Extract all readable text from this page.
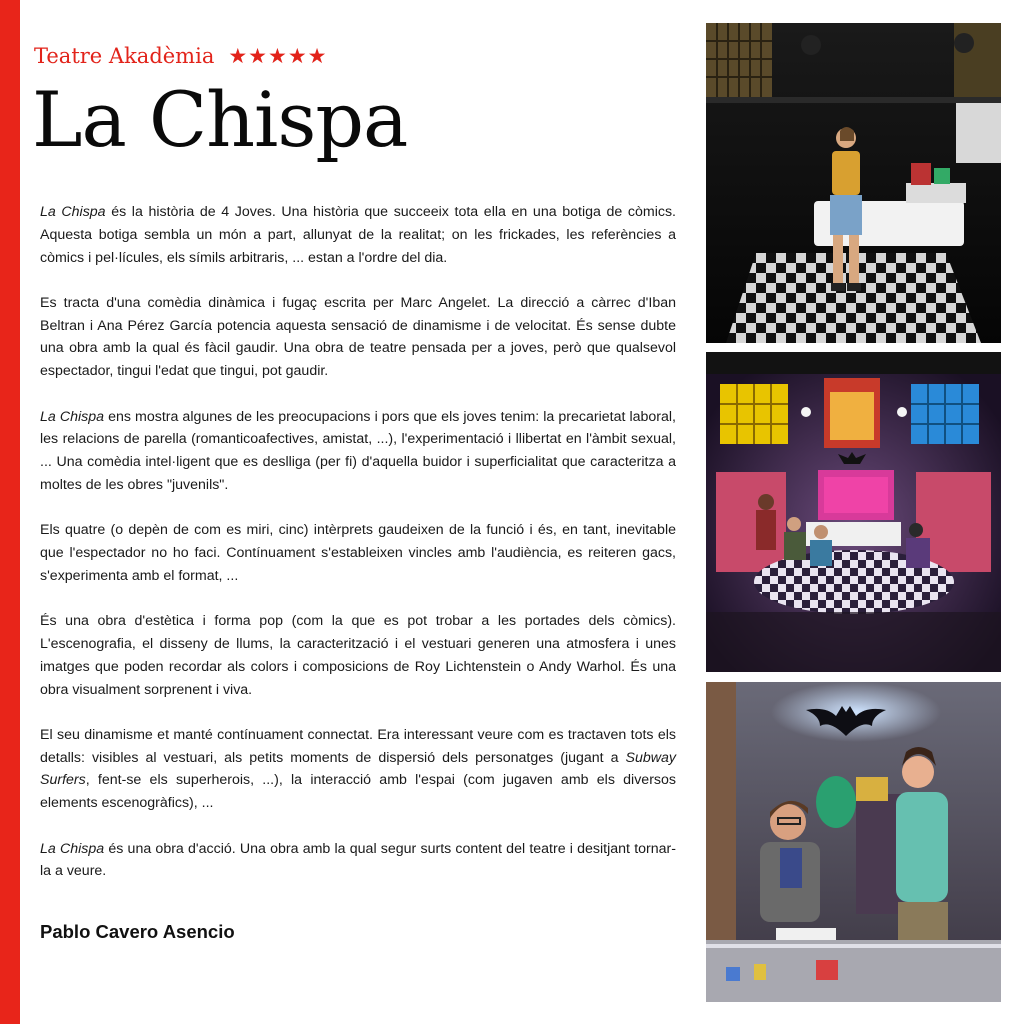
Teatre Akadèmia ★★★★★
La Chispa

La Chispa és la història de 4 Joves. Una història que succeeix tota ella en una botiga de còmics. Aquesta botiga sembla un món a part, allunyat de la realitat; on les frickades, les referències a còmics i pel·lícules, els símils arbitraris, ... estan a l'ordre del dia.

Es tracta d'una comèdia dinàmica i fugaç escrita per Marc Angelet. La direcció a càrrec d'Iban Beltran i Ana Pérez García potencia aquesta sensació de dinamisme i de velocitat. És sense dubte una obra amb la qual és fàcil gaudir. Una obra de teatre pensada per a joves, però que qualsevol espectador, tingui l'edat que tingui, pot gaudir.

La Chispa ens mostra algunes de les preocupacions i pors que els joves tenim: la precarietat laboral, les relacions de parella (romanticoafectives, amistat, ...), l'experimentació i llibertat en l'àmbit sexual, ... Una comèdia intel·ligent que es deslliga (per fi) d'aquella buidor i superficialitat que caracteritza a moltes de les obres "juvenils".

Els quatre (o depèn de com es miri, cinc) intèrprets gaudeixen de la funció i és, en tant, inevitable que l'espectador no ho faci. Contínuament s'estableixen vincles amb l'audiència, es reiteren gacs, s'experimenta amb el format, ...

És una obra d'estètica i forma pop (com la que es pot trobar a les portades dels còmics). L'escenografia, el disseny de llums, la caracterització i el vestuari generen una atmosfera i unes imatges que poden recordar als colors i composicions de Roy Lichtenstein o Andy Warhol. És una obra visualment sorprenent i viva.

El seu dinamisme et manté contínuament connectat. Era interessant veure com es tractaven tots els detalls: visibles al vestuari, als petits moments de dispersió dels personatges (jugant a Subway Surfers, fent-se els superherois, ...), la interacció amb l'espai (com jugaven amb els diversos elements escenogràfics), ...

La Chispa és una obra d'acció. Una obra amb la qual segur surts content del teatre i desitjant tornar-la a veure.

Pablo Cavero Asencio
